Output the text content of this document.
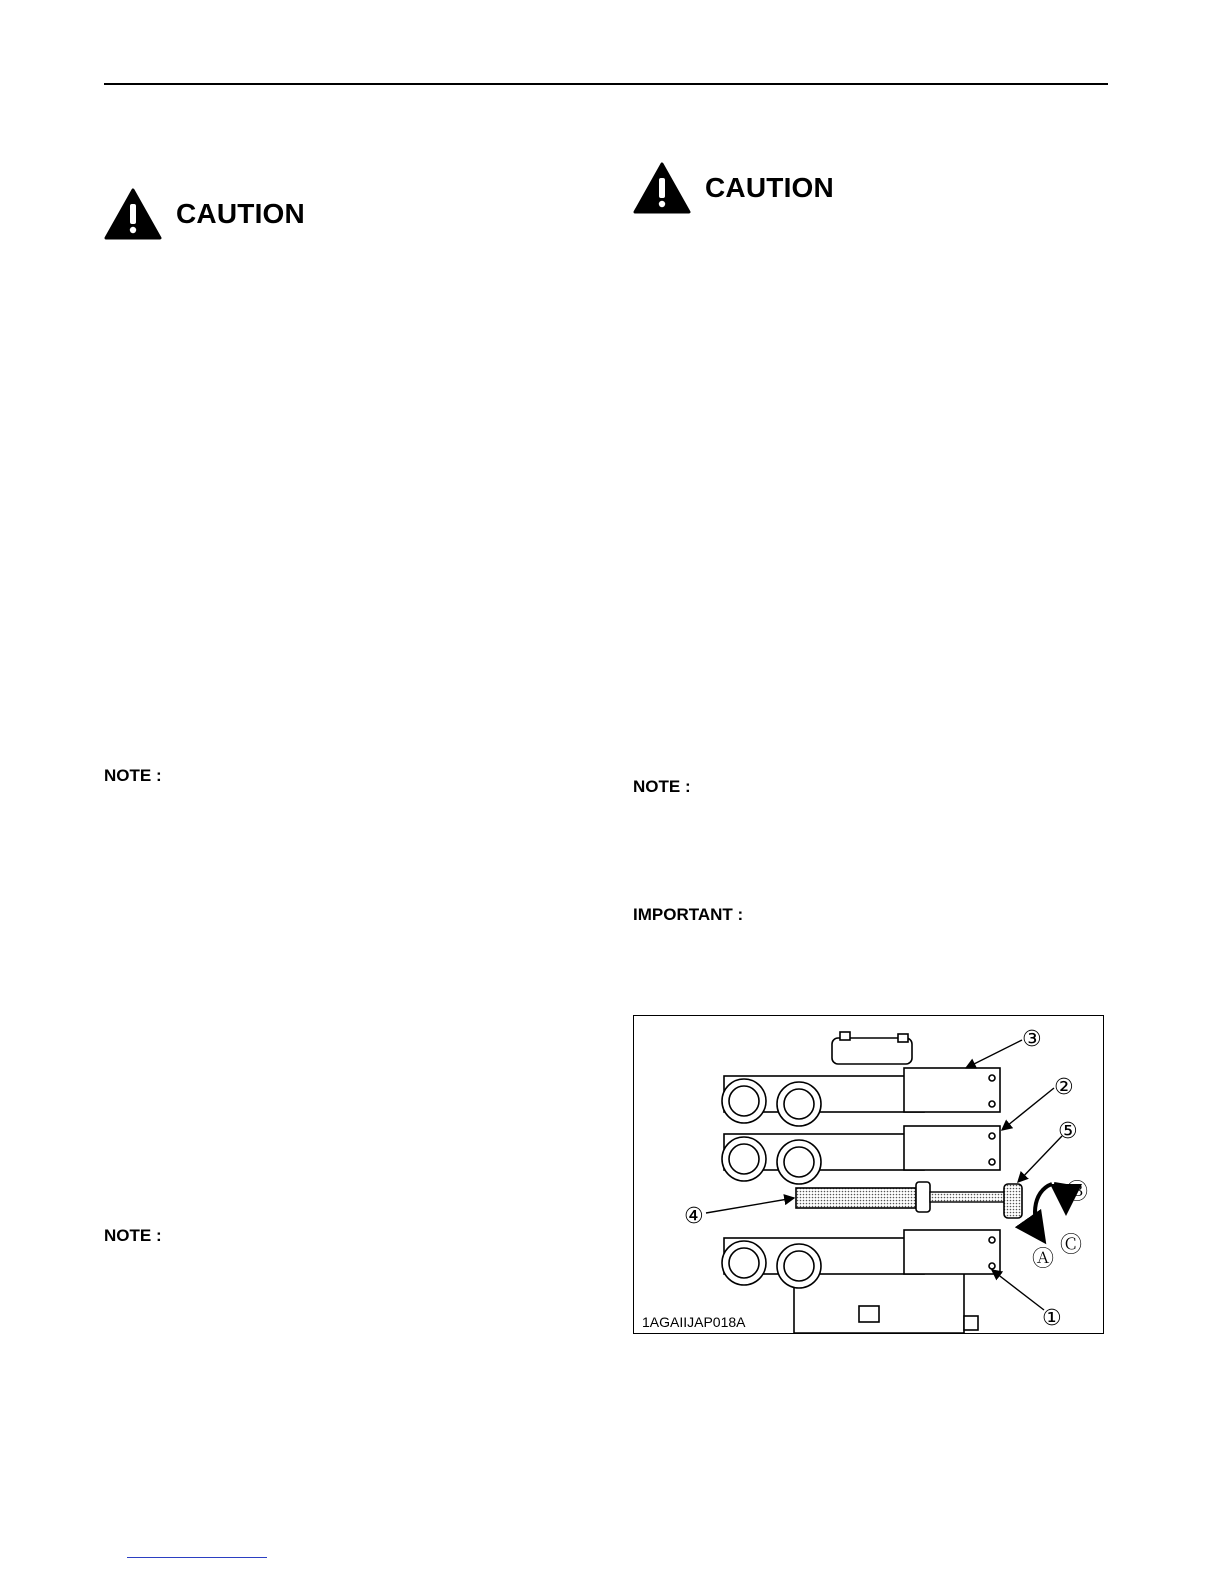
CAUTION
CAUTION
NOTE :
NOTE :
NOTE :
IMPORTANT :
③
②
⑤
④
Ⓑ
Ⓐ
Ⓒ
①
1AGAIIJAP018A
